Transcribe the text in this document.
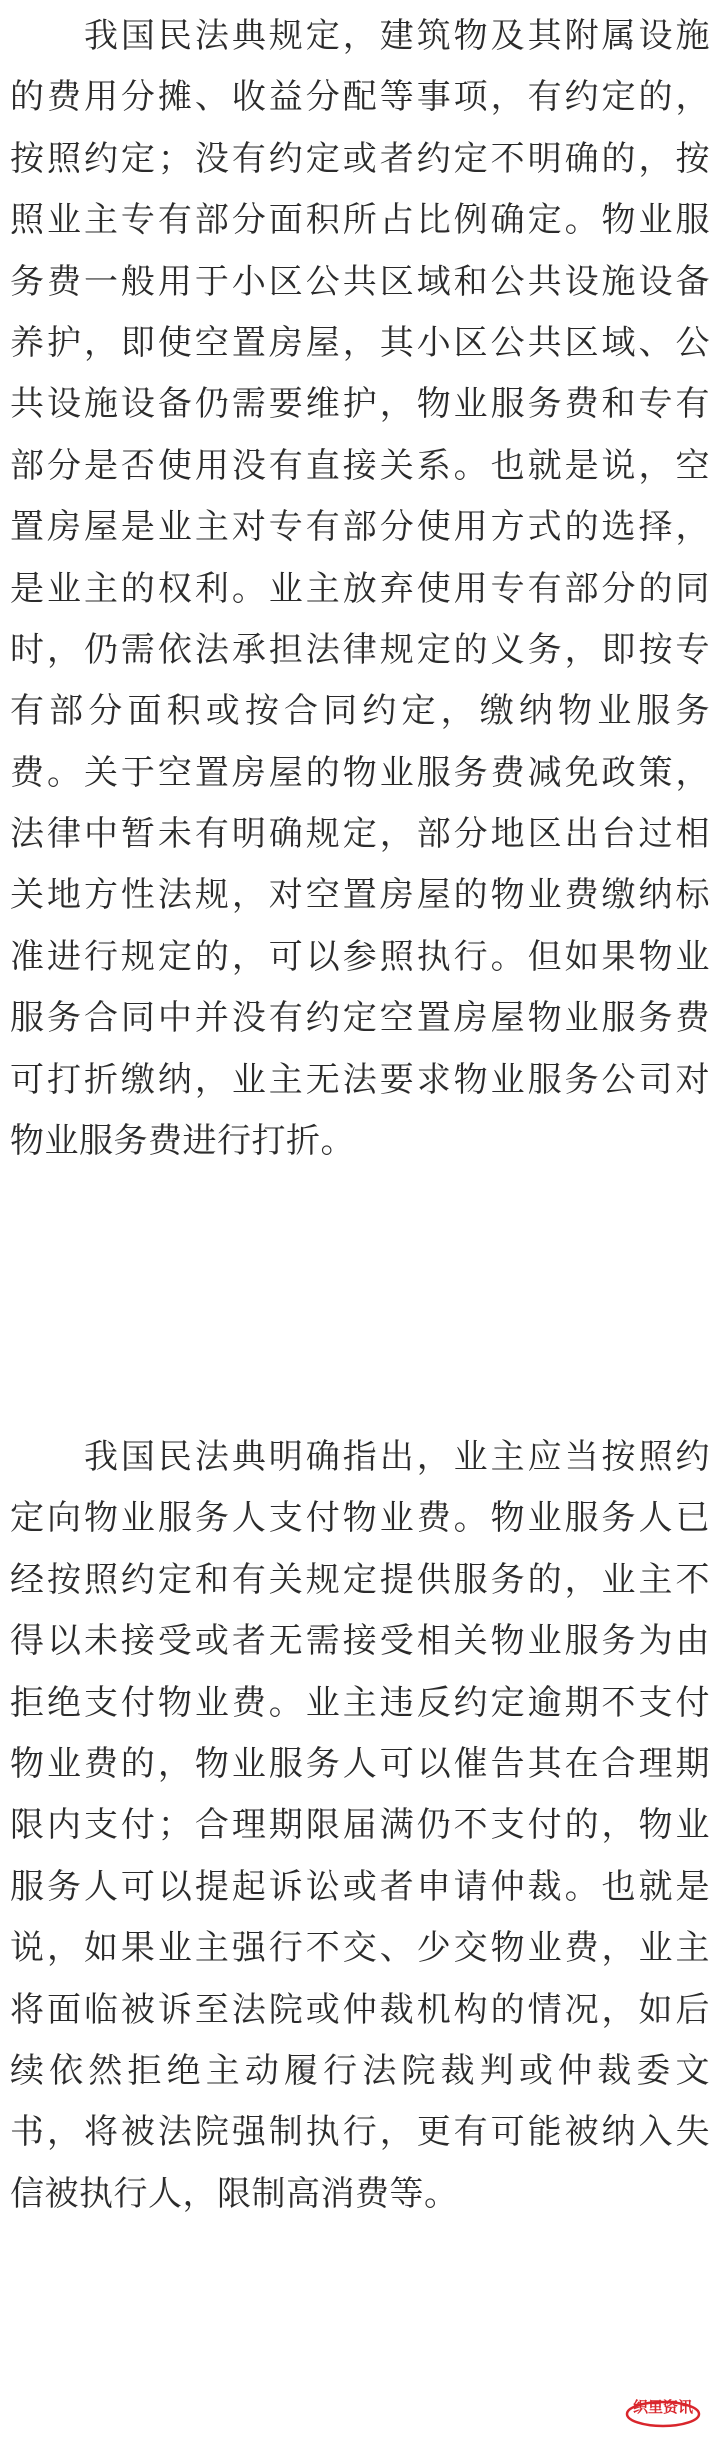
　　我国民法典规定，建筑物及其附属设施
的费用分摊、收益分配等事项，有约定的，
按照约定；没有约定或者约定不明确的，按
照业主专有部分面积所占比例确定。物业服
务费一般用于小区公共区域和公共设施设备
养护，即使空置房屋，其小区公共区域、公
共设施设备仍需要维护，物业服务费和专有
部分是否使用没有直接关系。也就是说，空
置房屋是业主对专有部分使用方式的选择，
是业主的权利。业主放弃使用专有部分的同
时，仍需依法承担法律规定的义务，即按专
有部分面积或按合同约定，缴纳物业服务
费。关于空置房屋的物业服务费减免政策，
法律中暂未有明确规定，部分地区出台过相
关地方性法规，对空置房屋的物业费缴纳标
准进行规定的，可以参照执行。但如果物业
服务合同中并没有约定空置房屋物业服务费
可打折缴纳，业主无法要求物业服务公司对
物业服务费进行打折。
　　我国民法典明确指出，业主应当按照约
定向物业服务人支付物业费。物业服务人已
经按照约定和有关规定提供服务的，业主不
得以未接受或者无需接受相关物业服务为由
拒绝支付物业费。业主违反约定逾期不支付
物业费的，物业服务人可以催告其在合理期
限内支付；合理期限届满仍不支付的，物业
服务人可以提起诉讼或者申请仲裁。也就是
说，如果业主强行不交、少交物业费，业主
将面临被诉至法院或仲裁机构的情况，如后
续依然拒绝主动履行法院裁判或仲裁委文
书，将被法院强制执行，更有可能被纳入失
信被执行人，限制高消费等。
织里资讯
